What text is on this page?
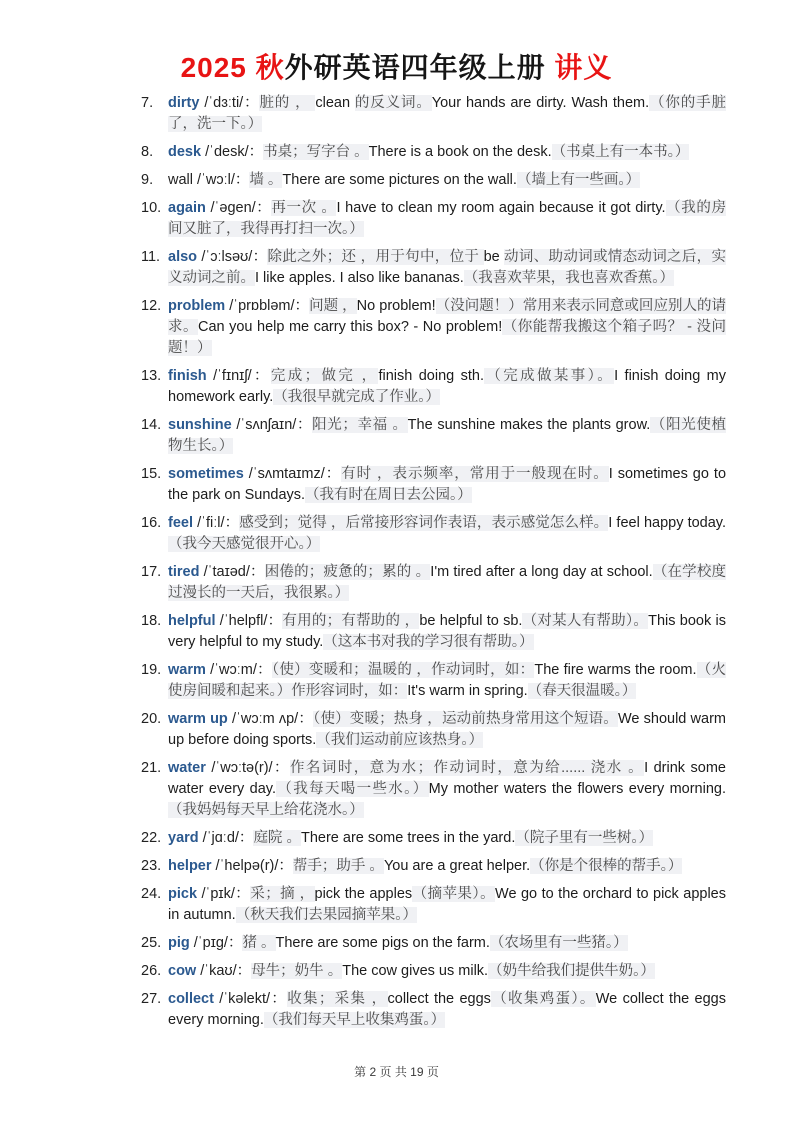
2025 秋外研英语四年级上册 讲义
7. dirty /ˈdɜːti/：脏的 ， clean 的反义词。Your hands are dirty. Wash them.（你的手脏了，洗一下。）
8. desk /ˈdesk/：书桌；写字台 。There is a book on the desk.（书桌上有一本书。）
9. wall /ˈwɔːl/：墙 。There are some pictures on the wall.（墙上有一些画。）
10. again /ˈəgen/：再一次 。I have to clean my room again because it got dirty.（我的房间又脏了，我得再打扫一次。）
11. also /ˈɔːlsəʊ/：除此之外；还 ，用于句中，位于 be 动词、助动词或情态动词之后，实义动词之前。I like apples. I also like bananas.（我喜欢苹果，我也喜欢香蕉。）
12. problem /ˈprɒbləm/：问题 ，No problem!（没问题！）常用来表示同意或回应别人的请求。Can you help me carry this box? - No problem!（你能帮我搬这个箱子吗？ - 没问题！）
13. finish /ˈfɪnɪʃ/：完成；做完 ，finish doing sth.（完成做某事）。I finish doing my homework early.（我很早就完成了作业。）
14. sunshine /ˈsʌnʃaɪn/：阳光；幸福 。The sunshine makes the plants grow.（阳光使植物生长。）
15. sometimes /ˈsʌmtaɪmz/：有时 ，表示频率，常用于一般现在时。I sometimes go to the park on Sundays.（我有时在周日去公园。）
16. feel /ˈfiːl/：感受到；觉得 ，后常接形容词作表语，表示感觉怎么样。I feel happy today.（我今天感觉很开心。）
17. tired /ˈtaɪəd/：困倦的；疲惫的；累的 。I'm tired after a long day at school.（在学校度过漫长的一天后，我很累。）
18. helpful /ˈhelpfl/：有用的；有帮助的 ，be helpful to sb.（对某人有帮助）。This book is very helpful to my study.（这本书对我的学习很有帮助。）
19. warm /ˈwɔːm/：（使）变暖和；温暖的 ，作动词时，如：The fire warms the room.（火使房间暖和起来。）作形容词时，如：It's warm in spring.（春天很温暖。）
20. warm up /ˈwɔːm ʌp/：（使）变暖；热身 ，运动前热身常用这个短语。We should warm up before doing sports.（我们运动前应该热身。）
21. water /ˈwɔːtə(r)/：作名词时，意为水；作动词时，意为给...... 浇水 。I drink some water every day.（我每天喝一些水。）My mother waters the flowers every morning.（我妈妈每天早上给花浇水。）
22. yard /ˈjɑːd/：庭院 。There are some trees in the yard.（院子里有一些树。）
23. helper /ˈhelpə(r)/：帮手；助手 。You are a great helper.（你是个很棒的帮手。）
24. pick /ˈpɪk/：采；摘 ，pick the apples（摘苹果）。We go to the orchard to pick apples in autumn.（秋天我们去果园摘苹果。）
25. pig /ˈpɪg/：猪 。There are some pigs on the farm.（农场里有一些猪。）
26. cow /ˈkaʊ/：母牛；奶牛 。The cow gives us milk.（奶牛给我们提供牛奶。）
27. collect /ˈkəlekt/：收集；采集 ，collect the eggs（收集鸡蛋）。We collect the eggs every morning.（我们每天早上收集鸡蛋。）
第 2 页 共 19 页
